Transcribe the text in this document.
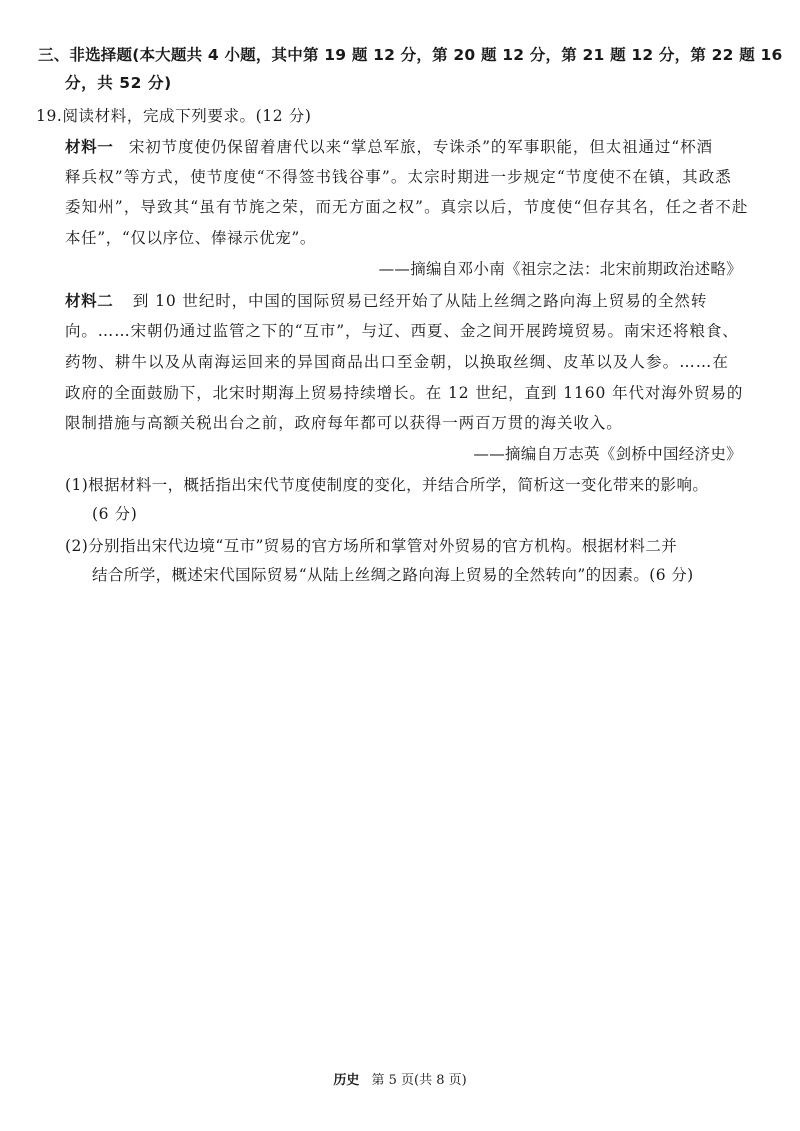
三、非选择题(本大题共 4 小题，其中第 19 题 12 分，第 20 题 12 分，第 21 题 12 分，第 22 题 16
分，共 52 分)
19.阅读材料，完成下列要求。(12 分)
材料一 宋初节度使仍保留着唐代以来“掌总军旅，专诛杀”的军事职能，但太祖通过“杯酒
释兵权”等方式，使节度使“不得签书钱谷事”。太宗时期进一步规定“节度使不在镇，其政悉
委知州”，导致其“虽有节旄之荣，而无方面之权”。真宗以后，节度使“但存其名，任之者不赴
本任”，“仅以序位、俸禄示优宠”。
——摘编自邓小南《祖宗之法：北宋前期政治述略》
材料二 到 10 世纪时，中国的国际贸易已经开始了从陆上丝绸之路向海上贸易的全然转
向。……宋朝仍通过监管之下的“互市”，与辽、西夏、金之间开展跨境贸易。南宋还将粮食、
药物、耕牛以及从南海运回来的异国商品出口至金朝，以换取丝绸、皮革以及人参。……在
政府的全面鼓励下，北宋时期海上贸易持续增长。在 12 世纪，直到 1160 年代对海外贸易的
限制措施与高额关税出台之前，政府每年都可以获得一两百万贯的海关收入。
——摘编自万志英《剑桥中国经济史》
(1)根据材料一，概括指出宋代节度使制度的变化，并结合所学，简析这一变化带来的影响。
(6 分)
(2)分别指出宋代边境“互市”贸易的官方场所和掌管对外贸易的官方机构。根据材料二并
结合所学，概述宋代国际贸易“从陆上丝绸之路向海上贸易的全然转向”的因素。(6 分)
历史 第 5 页(共 8 页)
